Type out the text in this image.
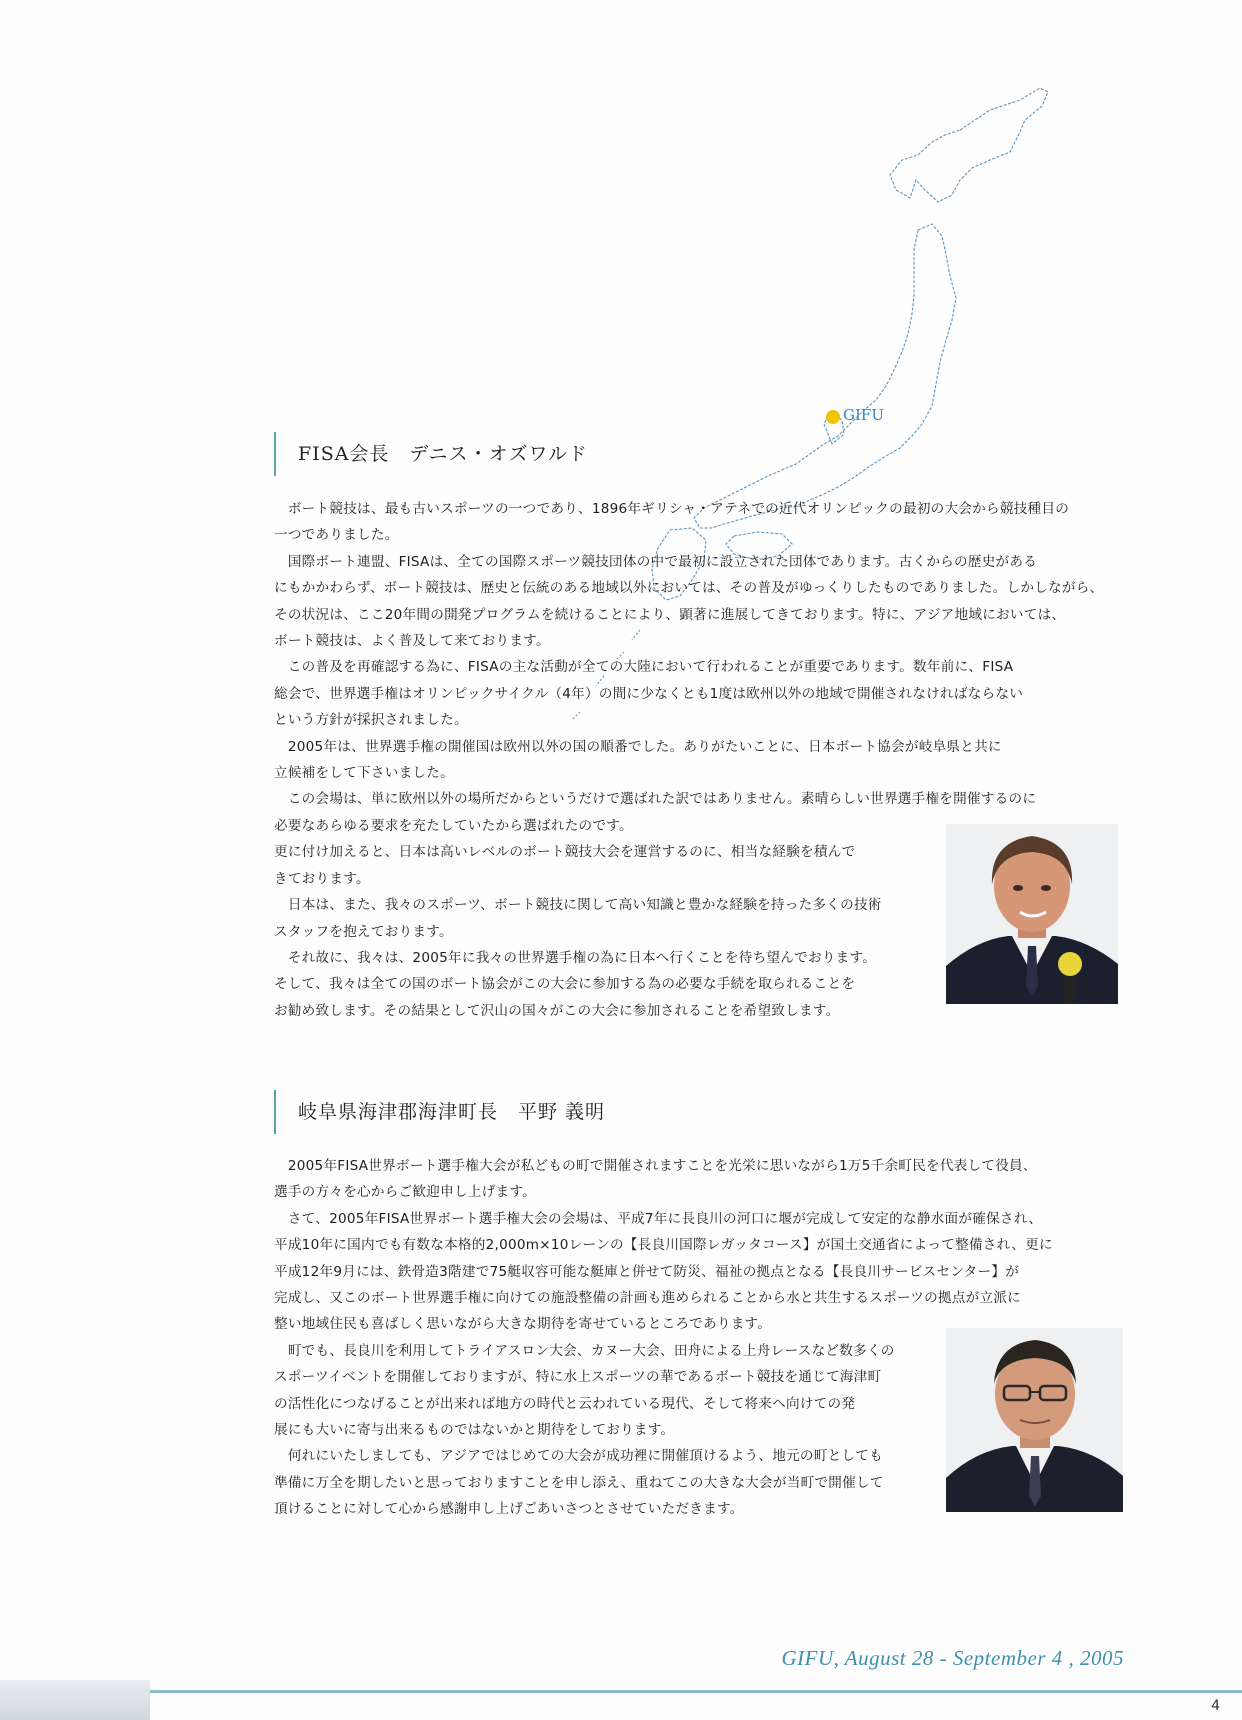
GIFU
FISA会長　デニス・オズワルド
　ボート競技は、最も古いスポーツの一つであり、1896年ギリシャ・アテネでの近代オリンピックの最初の大会から競技種目の
一つでありました。
　国際ボート連盟、FISAは、全ての国際スポーツ競技団体の中で最初に設立された団体であります。古くからの歴史がある
にもかかわらず、ボート競技は、歴史と伝統のある地域以外においては、その普及がゆっくりしたものでありました。しかしながら、
その状況は、ここ20年間の開発プログラムを続けることにより、顕著に進展してきております。特に、アジア地域においては、
ボート競技は、よく普及して来ております。
　この普及を再確認する為に、FISAの主な活動が全ての大陸において行われることが重要であります。数年前に、FISA
総会で、世界選手権はオリンピックサイクル（4年）の間に少なくとも1度は欧州以外の地域で開催されなければならない
という方針が採択されました。
　2005年は、世界選手権の開催国は欧州以外の国の順番でした。ありがたいことに、日本ボート協会が岐阜県と共に
立候補をして下さいました。
　この会場は、単に欧州以外の場所だからというだけで選ばれた訳ではありません。素晴らしい世界選手権を開催するのに
必要なあらゆる要求を充たしていたから選ばれたのです。
更に付け加えると、日本は高いレベルのボート競技大会を運営するのに、相当な経験を積んで
きております。
　日本は、また、我々のスポーツ、ボート競技に関して高い知識と豊かな経験を持った多くの技術
スタッフを抱えております。
　それ故に、我々は、2005年に我々の世界選手権の為に日本へ行くことを待ち望んでおります。
そして、我々は全ての国のボート協会がこの大会に参加する為の必要な手続を取られることを
お勧め致します。その結果として沢山の国々がこの大会に参加されることを希望致します。
岐阜県海津郡海津町長　平野 義明
　2005年FISA世界ボート選手権大会が私どもの町で開催されますことを光栄に思いながら1万5千余町民を代表して役員、
選手の方々を心からご歓迎申し上げます。
　さて、2005年FISA世界ボート選手権大会の会場は、平成7年に長良川の河口に堰が完成して安定的な静水面が確保され、
平成10年に国内でも有数な本格的2,000m×10レーンの【長良川国際レガッタコース】が国土交通省によって整備され、更に
平成12年9月には、鉄骨造3階建で75艇収容可能な艇庫と併せて防災、福祉の拠点となる【長良川サービスセンター】が
完成し、又このボート世界選手権に向けての施設整備の計画も進められることから水と共生するスポーツの拠点が立派に
整い地域住民も喜ばしく思いながら大きな期待を寄せているところであります。
　町でも、長良川を利用してトライアスロン大会、カヌー大会、田舟による上舟レースなど数多くの
スポーツイベントを開催しておりますが、特に水上スポーツの華であるボート競技を通じて海津町
の活性化につなげることが出来れば地方の時代と云われている現代、そして将来へ向けての発
展にも大いに寄与出来るものではないかと期待をしております。
　何れにいたしましても、アジアではじめての大会が成功裡に開催頂けるよう、地元の町としても
準備に万全を期したいと思っておりますことを申し添え、重ねてこの大きな大会が当町で開催して
頂けることに対して心から感謝申し上げごあいさつとさせていただきます。
GIFU, August 28 - September 4 , 2005
4
